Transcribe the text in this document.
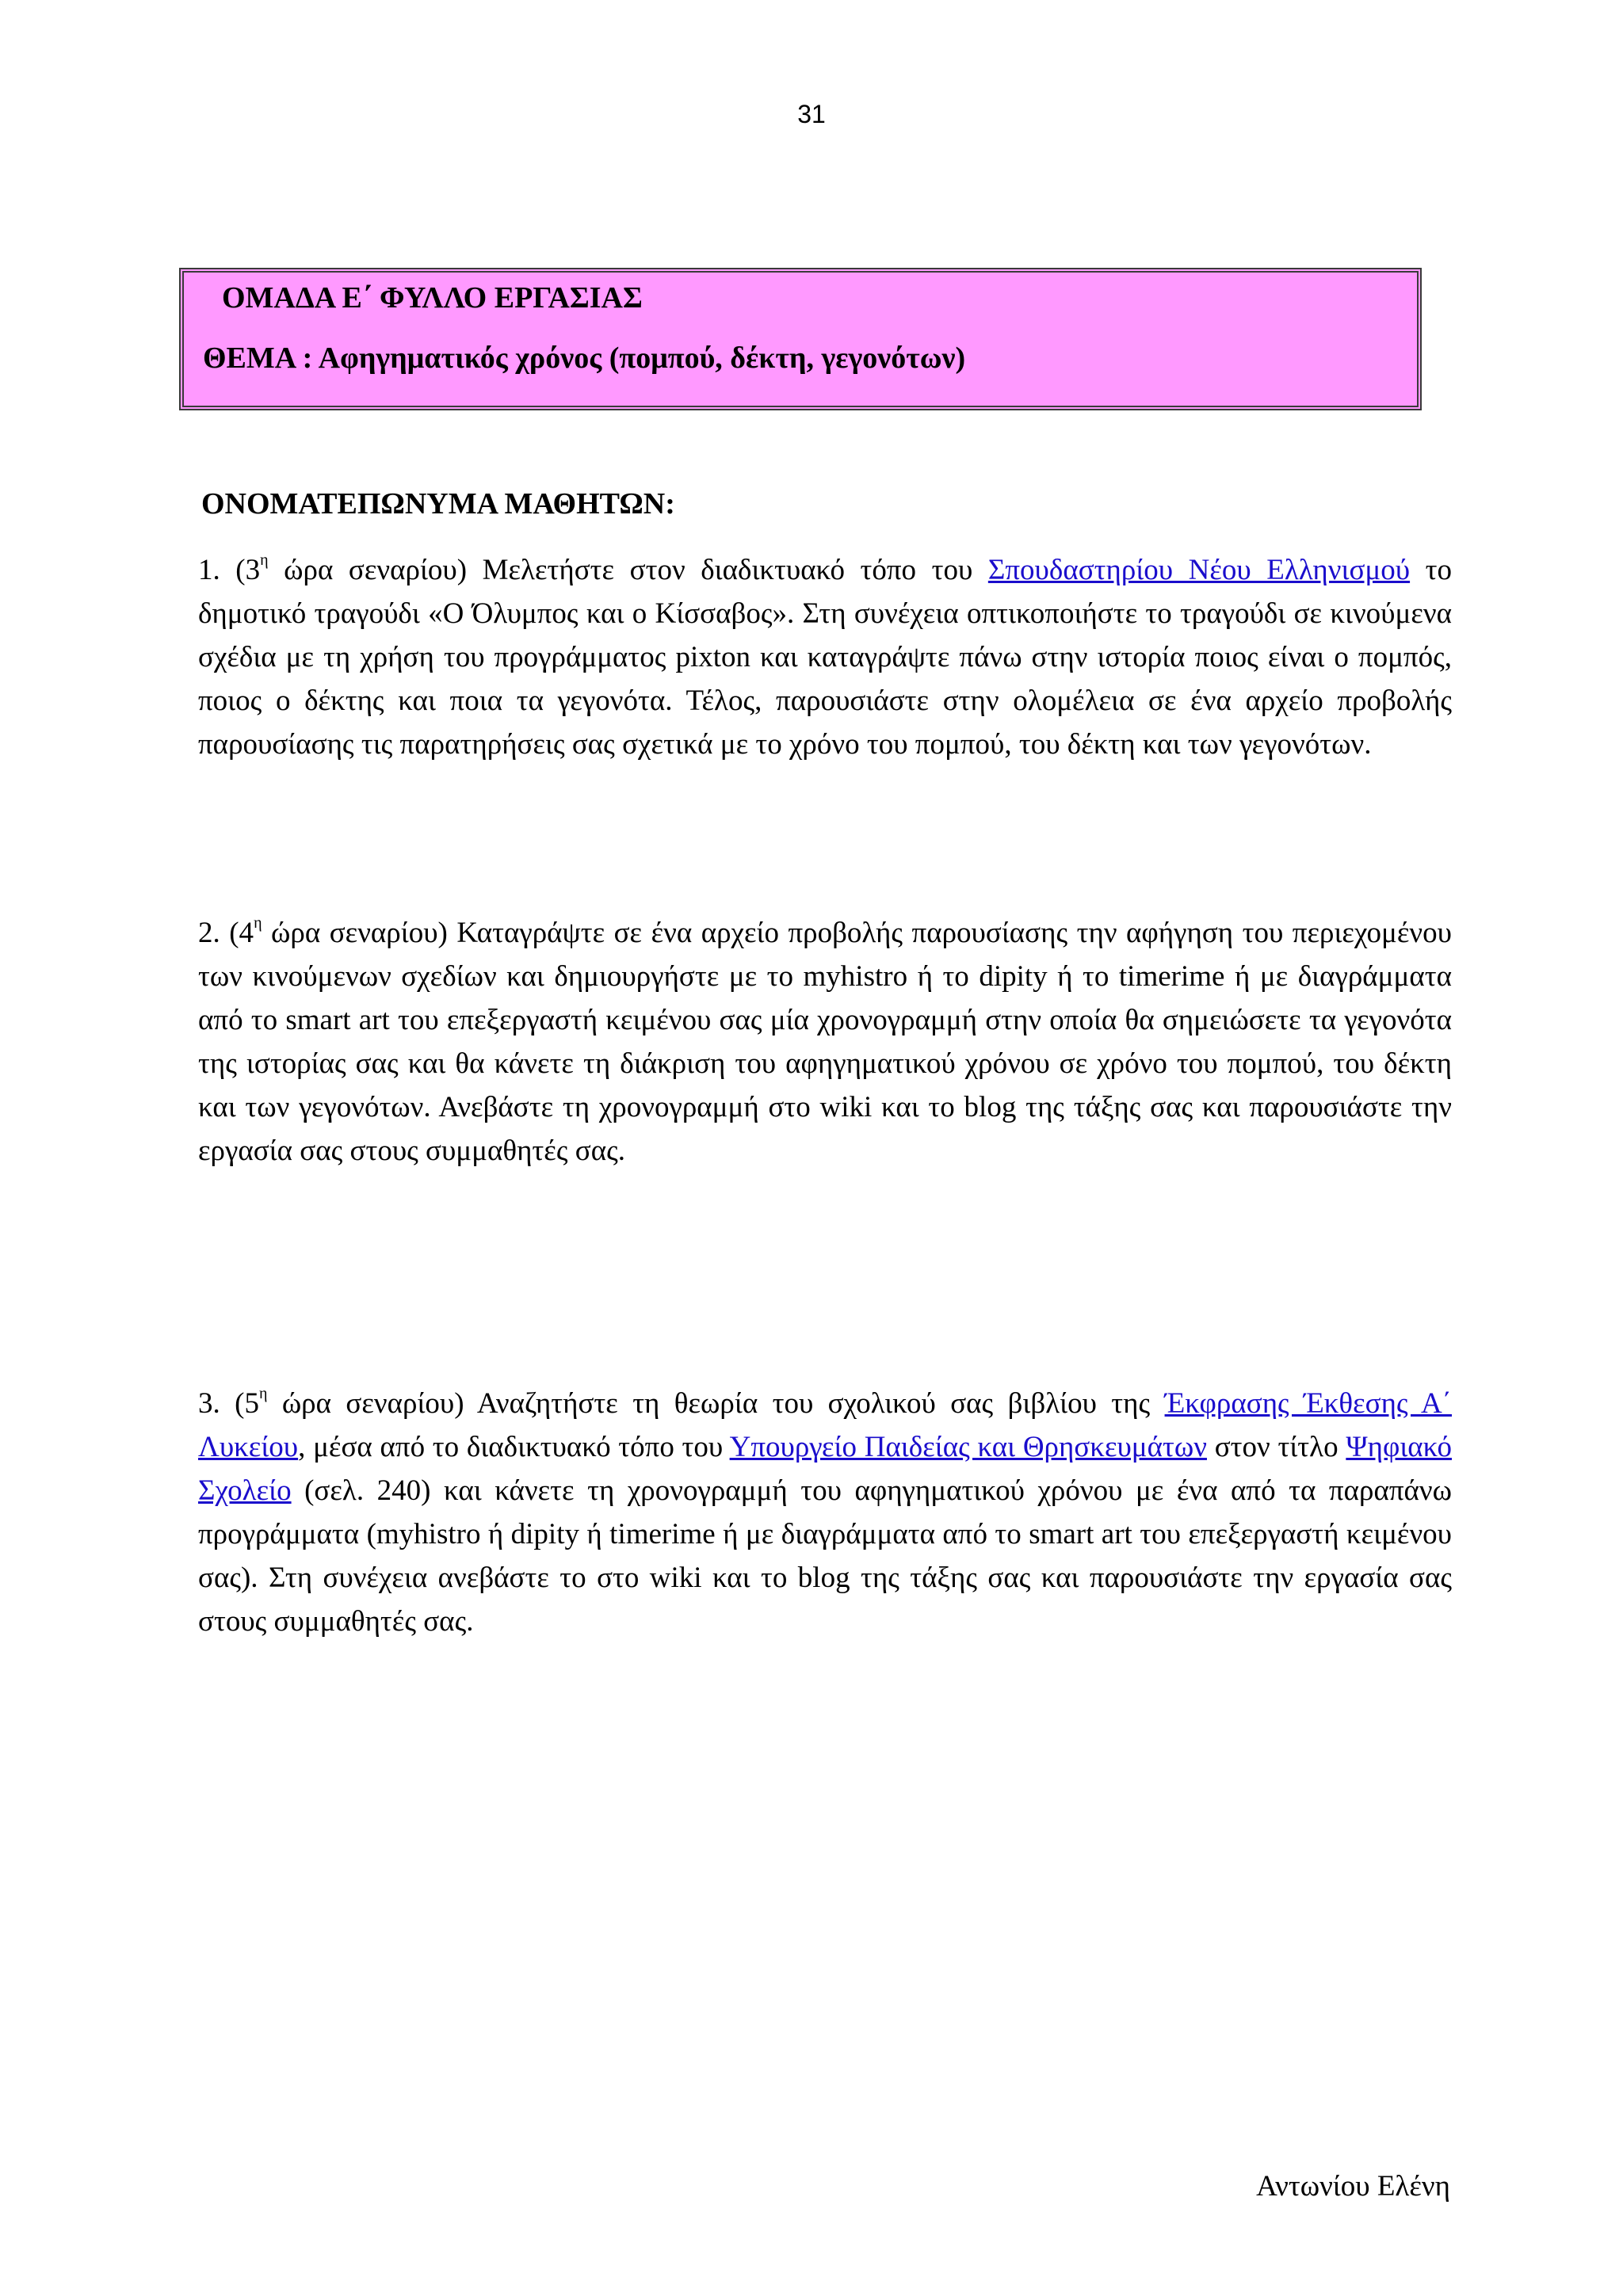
31
ΟΜΑΔΑ Ε΄ ΦΥΛΛΟ ΕΡΓΑΣΙΑΣ
ΘΕΜΑ : Αφηγηματικός χρόνος (πομπού, δέκτη, γεγονότων)
ΟΝΟΜΑΤΕΠΩΝΥΜΑ ΜΑΘΗΤΩΝ:

1. ($3^\eta$ ώρα σεναρίου) Μελετήστε στον διαδικτυακό τόπο του Σπουδαστηρίου Νέου Ελληνισμού το δημοτικό τραγούδι «Ο Όλυμπος και ο Κίσσαβος». Στη συνέχεια οπτικοποιήστε το τραγούδι σε κινούμενα σχέδια με τη χρήση του προγράμματος pixton και καταγράψτε πάνω στην ιστορία ποιος είναι ο πομπός, ποιος ο δέκτης και ποια τα γεγονότα. Τέλος, παρουσιάστε στην ολομέλεια σε ένα αρχείο προβολής παρουσίασης τις παρατηρήσεις σας σχετικά με το χρόνο του πομπού, του δέκτη και των γεγονότων.

2. ($4^\eta$ ώρα σεναρίου) Καταγράψτε σε ένα αρχείο προβολής παρουσίασης την αφήγηση του περιεχομένου των κινούμενων σχεδίων και δημιουργήστε με το myhistro ή το dipity ή το timerime ή με διαγράμματα από το smart art του επεξεργαστή κειμένου σας μία χρονογραμμή στην οποία θα σημειώσετε τα γεγονότα της ιστορίας σας και θα κάνετε τη διάκριση του αφηγηματικού χρόνου σε χρόνο του πομπού, του δέκτη και των γεγονότων. Ανεβάστε τη χρονογραμμή στο wiki και το blog της τάξης σας και παρουσιάστε την εργασία σας στους συμμαθητές σας.

3. ($5^\eta$ ώρα σεναρίου) Αναζητήστε τη θεωρία του σχολικού σας βιβλίου της Έκφρασης Έκθεσης Α΄ Λυκείου, μέσα από το διαδικτυακό τόπο του Υπουργείο Παιδείας και Θρησκευμάτων στον τίτλο Ψηφιακό Σχολείο (σελ. 240) και κάνετε τη χρονογραμμή του αφηγηματικού χρόνου με ένα από τα παραπάνω προγράμματα (myhistro ή dipity ή timerime ή με διαγράμματα από το smart art του επεξεργαστή κειμένου σας). Στη συνέχεια ανεβάστε το στο wiki και το blog της τάξης σας και παρουσιάστε την εργασία σας στους συμμαθητές σας.

Αντωνίου Ελένη
